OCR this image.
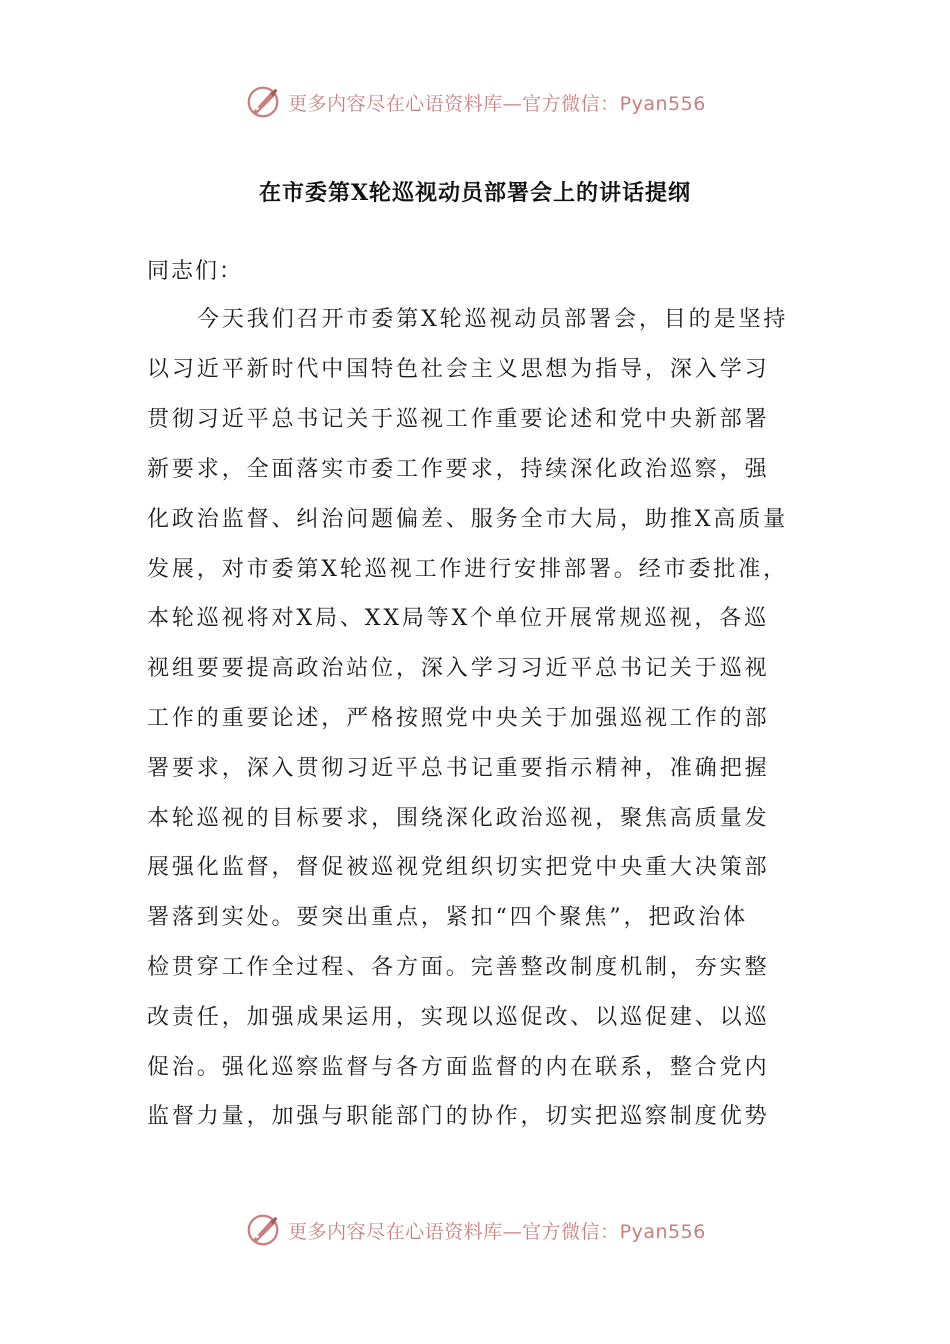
更多内容尽在心语资料库—官方微信：Pyan556
在市委第X轮巡视动员部署会上的讲话提纲
同志们：
今天我们召开市委第X轮巡视动员部署会，目的是坚持
以习近平新时代中国特色社会主义思想为指导，深入学习
贯彻习近平总书记关于巡视工作重要论述和党中央新部署
新要求，全面落实市委工作要求，持续深化政治巡察，强
化政治监督、纠治问题偏差、服务全市大局，助推X高质量
发展，对市委第X轮巡视工作进行安排部署。经市委批准，
本轮巡视将对X局、XX局等X个单位开展常规巡视，各巡
视组要要提高政治站位，深入学习习近平总书记关于巡视
工作的重要论述，严格按照党中央关于加强巡视工作的部
署要求，深入贯彻习近平总书记重要指示精神，准确把握
本轮巡视的目标要求，围绕深化政治巡视，聚焦高质量发
展强化监督，督促被巡视党组织切实把党中央重大决策部
署落到实处。要突出重点，紧扣“四个聚焦”，把政治体
检贯穿工作全过程、各方面。完善整改制度机制，夯实整
改责任，加强成果运用，实现以巡促改、以巡促建、以巡
促治。强化巡察监督与各方面监督的内在联系，整合党内
监督力量，加强与职能部门的协作，切实把巡察制度优势
更多内容尽在心语资料库—官方微信：Pyan556
